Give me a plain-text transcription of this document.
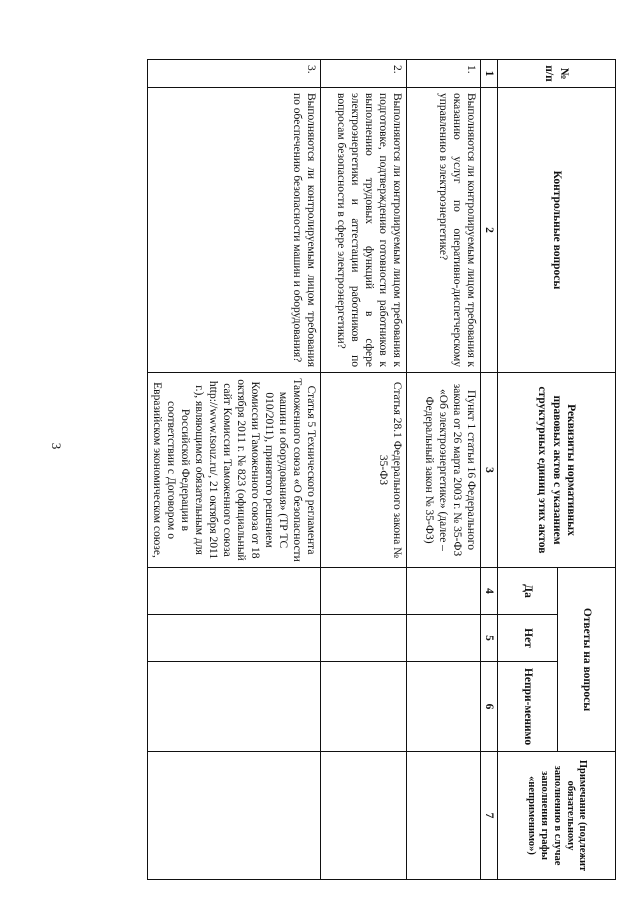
3
№ п/п	Контрольные вопросы	Реквизиты нормативных правовых актов с указанием структурных единиц этих актов	Ответы на вопросы			Примечание (подлежит обязательному заполнению в случае заполнения графы «неприменимо»)
			Да	Нет	Непри-менимо	
1	2	3	4	5	6	7
1.	Выполняются ли контролируемым лицом требования к оказанию услуг по оперативно-диспетчерскому управлению в электроэнергетике?	Пункт 1 статьи 16 Федерального закона от 26 марта 2003 г. № 35-ФЗ «Об электроэнергетике» (далее – Федеральный закон № 35-ФЗ)				
2.	Выполняются ли контролируемым лицом требования к подготовке, подтверждению готовности работников к выполнению трудовых функций в сфере электроэнергетики и аттестации работников по вопросам безопасности в сфере электроэнергетики?	Статья 28.1 Федерального закона № 35-ФЗ				
3.	Выполняются ли контролируемым лицом требования по обеспечению безопасности машин и оборудования?	Статья 5 Технического регламента Таможенного союза «О безопасности машин и оборудования» (ТР ТС 010/2011), принятого решением Комиссии Таможенного союза от 18 октября 2011 г. № 823 (официальный сайт Комиссии Таможенного союза http://www.tsouz.ru/, 21 октября 2011 г.), являющимся обязательным для Российской Федерации в соответствии с Договором о Евразийском экономическом союзе,				
